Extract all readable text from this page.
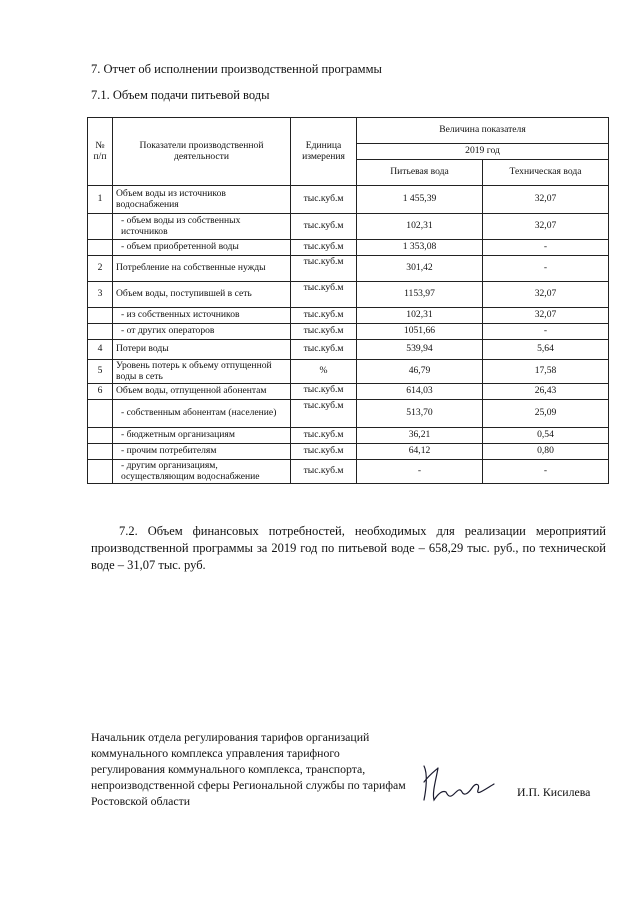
7. Отчет об исполнении производственной программы
7.1. Объем подачи питьевой воды
№ п/п	Показатели производственной деятельности	Единица измерения	Величина показателя	
			2019 год	
			Питьевая вода	Техническая вода
1	Объем воды из источников водоснабжения	тыс.куб.м	1 455,39	32,07
	- объем воды из собственных источников	тыс.куб.м	102,31	32,07
	- объем приобретенной воды	тыс.куб.м	1 353,08	-
2	Потребление на собственные нужды	тыс.куб.м	301,42	-
3	Объем воды, поступившей в сеть	тыс.куб.м	1153,97	32,07
	- из собственных источников	тыс.куб.м	102,31	32,07
	- от других операторов	тыс.куб.м	1051,66	-
4	Потери воды	тыс.куб.м	539,94	5,64
5	Уровень потерь к объему отпущенной воды в сеть	%	46,79	17,58
6	Объем воды, отпущенной абонентам	тыс.куб.м	614,03	26,43
	- собственным абонентам (население)	тыс.куб.м	513,70	25,09
	- бюджетным организациям	тыс.куб.м	36,21	0,54
	- прочим потребителям	тыс.куб.м	64,12	0,80
	- другим организациям, осуществляющим водоснабжение	тыс.куб.м	-	-
7.2. Объем финансовых потребностей, необходимых для реализации мероприятий производственной программы за 2019 год по питьевой воде – 658,29 тыс. руб., по технической воде – 31,07 тыс. руб.
Начальник отдела регулирования тарифов организаций коммунального комплекса управления тарифного регулирования коммунального комплекса, транспорта, непроизводственной сферы Региональной службы по тарифам Ростовской области
И.П. Кисилева
